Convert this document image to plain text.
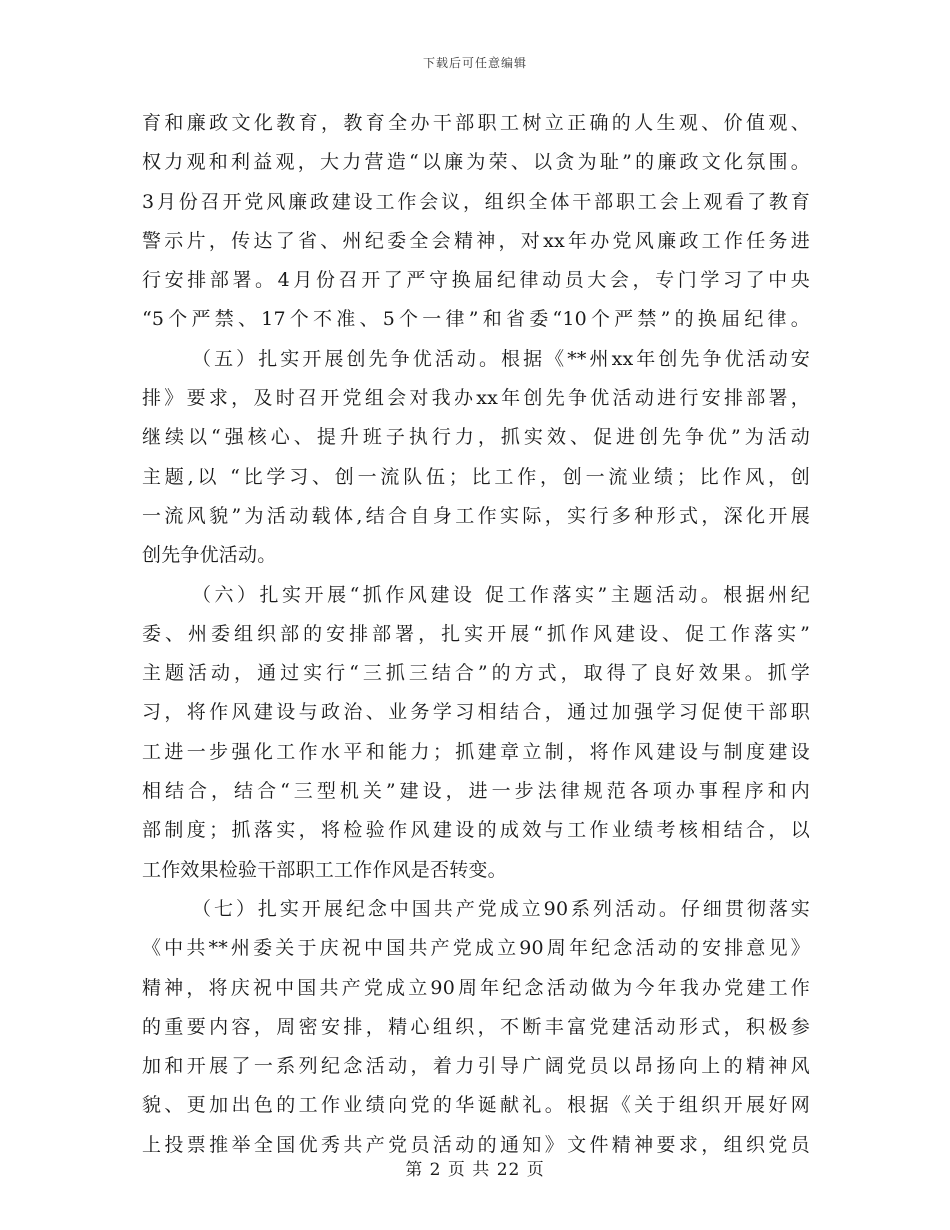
下载后可任意编辑
育和廉政文化教育，教育全办干部职工树立正确的人生观、价值观、
权力观和利益观，大力营造“以廉为荣、以贪为耻”的廉政文化氛围。
3月份召开党风廉政建设工作会议，组织全体干部职工会上观看了教育
警示片，传达了省、州纪委全会精神，对xx年办党风廉政工作任务进
行安排部署。4月份召开了严守换届纪律动员大会，专门学习了中央
“5个严禁、17个不准、5个一律”和省委“10个严禁”的换届纪律。
（五）扎实开展创先争优活动。根据《**州xx年创先争优活动安
排》要求，及时召开党组会对我办xx年创先争优活动进行安排部署，
继续以“强核心、提升班子执行力，抓实效、促进创先争优”为活动
主题,以 “比学习、创一流队伍；比工作，创一流业绩；比作风，创
一流风貌”为活动载体,结合自身工作实际，实行多种形式，深化开展
创先争优活动。
（六）扎实开展“抓作风建设 促工作落实”主题活动。根据州纪
委、州委组织部的安排部署，扎实开展“抓作风建设、促工作落实”
主题活动，通过实行“三抓三结合”的方式，取得了良好效果。抓学
习，将作风建设与政治、业务学习相结合，通过加强学习促使干部职
工进一步强化工作水平和能力；抓建章立制，将作风建设与制度建设
相结合，结合“三型机关”建设，进一步法律规范各项办事程序和内
部制度；抓落实，将检验作风建设的成效与工作业绩考核相结合，以
工作效果检验干部职工工作作风是否转变。
（七）扎实开展纪念中国共产党成立90系列活动。仔细贯彻落实
《中共**州委关于庆祝中国共产党成立90周年纪念活动的安排意见》
精神，将庆祝中国共产党成立90周年纪念活动做为今年我办党建工作
的重要内容，周密安排，精心组织，不断丰富党建活动形式，积极参
加和开展了一系列纪念活动，着力引导广阔党员以昂扬向上的精神风
貌、更加出色的工作业绩向党的华诞献礼。根据《关于组织开展好网
上投票推举全国优秀共产党员活动的通知》文件精神要求，组织党员
第 2 页 共 22 页
